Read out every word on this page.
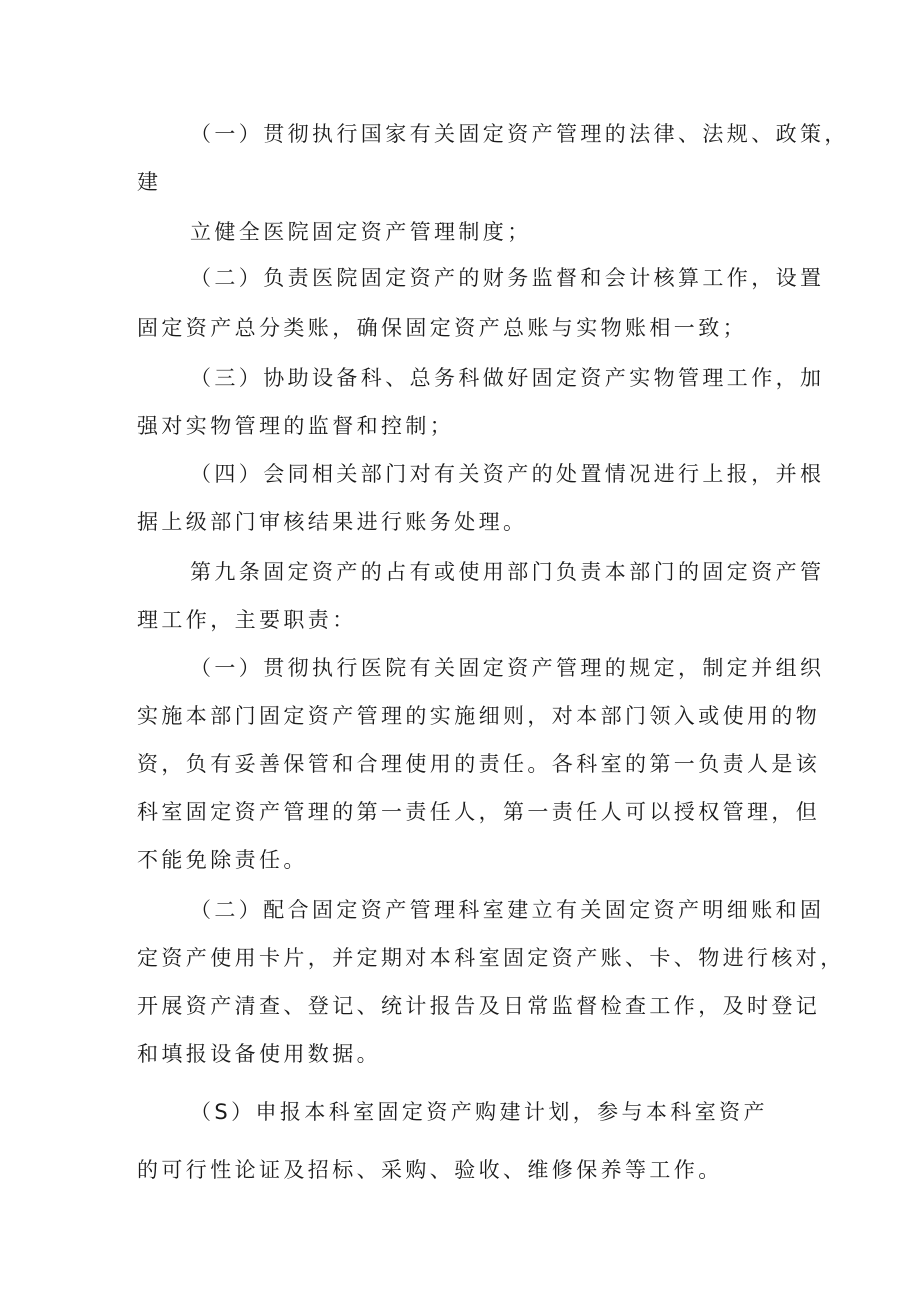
（一）贯彻执行国家有关固定资产管理的法律、法规、政策，
建
立健全医院固定资产管理制度；
（二）负责医院固定资产的财务监督和会计核算工作，设置
固定资产总分类账，确保固定资产总账与实物账相一致；
（三）协助设备科、总务科做好固定资产实物管理工作，加
强对实物管理的监督和控制；
（四）会同相关部门对有关资产的处置情况进行上报，并根
据上级部门审核结果进行账务处理。
第九条固定资产的占有或使用部门负责本部门的固定资产管
理工作，主要职责：
（一）贯彻执行医院有关固定资产管理的规定，制定并组织
实施本部门固定资产管理的实施细则，对本部门领入或使用的物
资，负有妥善保管和合理使用的责任。各科室的第一负责人是该
科室固定资产管理的第一责任人，第一责任人可以授权管理，但
不能免除责任。
（二）配合固定资产管理科室建立有关固定资产明细账和固
定资产使用卡片，并定期对本科室固定资产账、卡、物进行核对，
开展资产清查、登记、统计报告及日常监督检查工作，及时登记
和填报设备使用数据。
（S）申报本科室固定资产购建计划，参与本科室资产
的可行性论证及招标、采购、验收、维修保养等工作。
